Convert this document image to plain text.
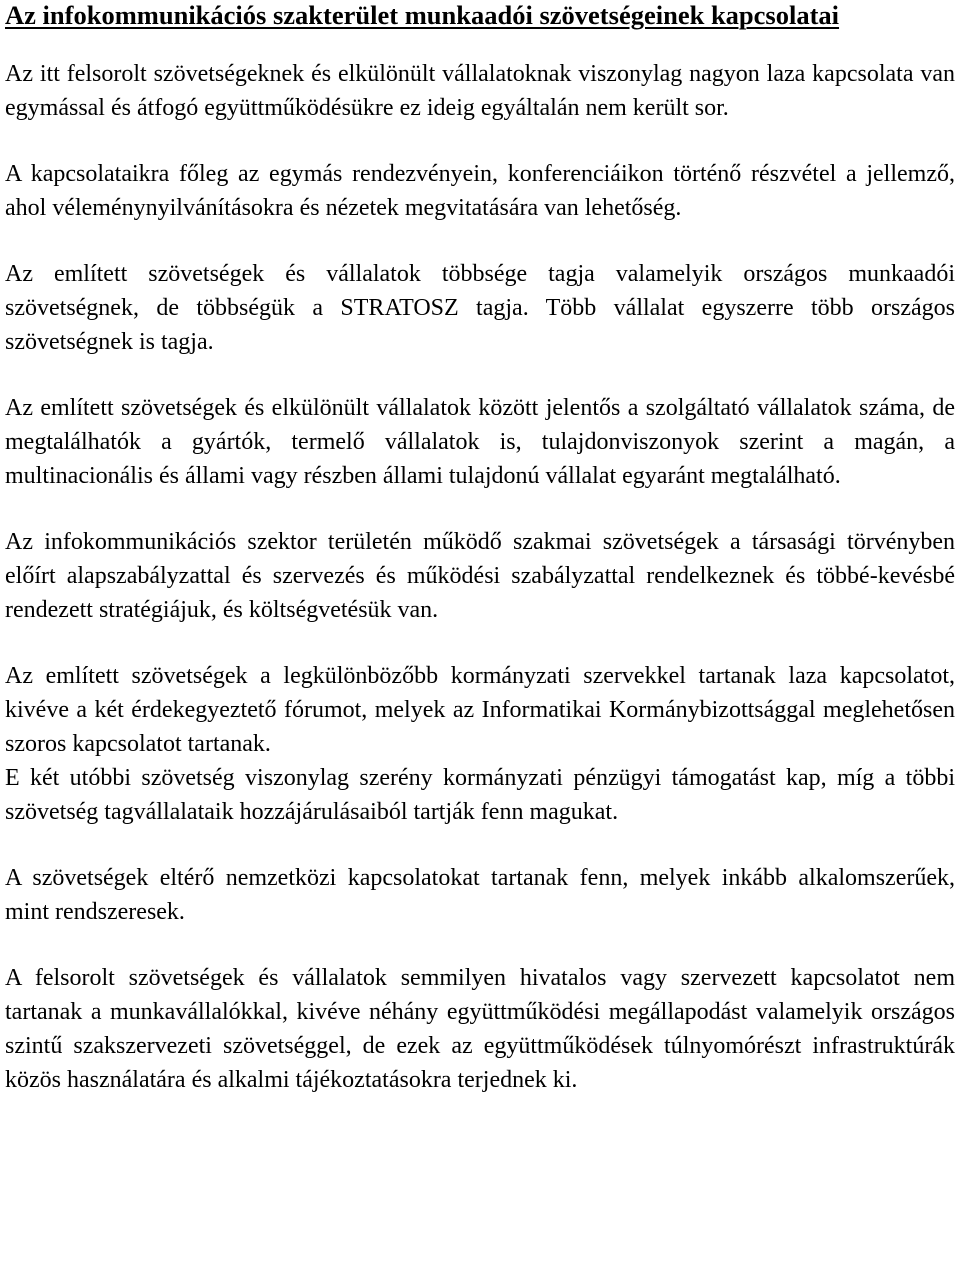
Az infokommunikációs szakterület munkaadói szövetségeinek kapcsolatai

Az itt felsorolt szövetségeknek és elkülönült vállalatoknak viszonylag nagyon laza kapcsolata van egymással és átfogó együttműködésükre ez ideig egyáltalán nem került sor.

A kapcsolataikra főleg az egymás rendezvényein, konferenciáikon történő részvétel a jellemző, ahol véleménynyilvánításokra és nézetek megvitatására van lehetőség.

Az említett szövetségek és vállalatok többsége tagja valamelyik országos munkaadói szövetségnek, de többségük a STRATOSZ tagja. Több vállalat egyszerre több országos szövetségnek is tagja.

Az említett szövetségek és elkülönült vállalatok között jelentős a szolgáltató vállalatok száma, de megtalálhatók a gyártók, termelő vállalatok is, tulajdonviszonyok szerint a magán, a multinacionális és állami vagy részben állami tulajdonú vállalat egyaránt megtalálható.

Az infokommunikációs szektor területén működő szakmai szövetségek a társasági törvényben előírt alapszabályzattal és szervezés és működési szabályzattal rendelkeznek és többé-kevésbé rendezett stratégiájuk, és költségvetésük van.

Az említett szövetségek a legkülönbözőbb kormányzati szervekkel tartanak laza kapcsolatot, kivéve a két érdekegyeztető fórumot, melyek az Informatikai Kormánybizottsággal meglehetősen szoros kapcsolatot tartanak.

E két utóbbi szövetség viszonylag szerény kormányzati pénzügyi támogatást kap, míg a többi szövetség tagvállalataik hozzájárulásaiból tartják fenn magukat.

A szövetségek eltérő nemzetközi kapcsolatokat tartanak fenn, melyek inkább alkalomszerűek, mint rendszeresek.

A felsorolt szövetségek és vállalatok semmilyen hivatalos vagy szervezett kapcsolatot nem tartanak a munkavállalókkal, kivéve néhány együttműködési megállapodást valamelyik országos szintű szakszervezeti szövetséggel, de ezek az együttműködések túlnyomórészt infrastruktúrák közös használatára és alkalmi tájékoztatásokra terjednek ki.
